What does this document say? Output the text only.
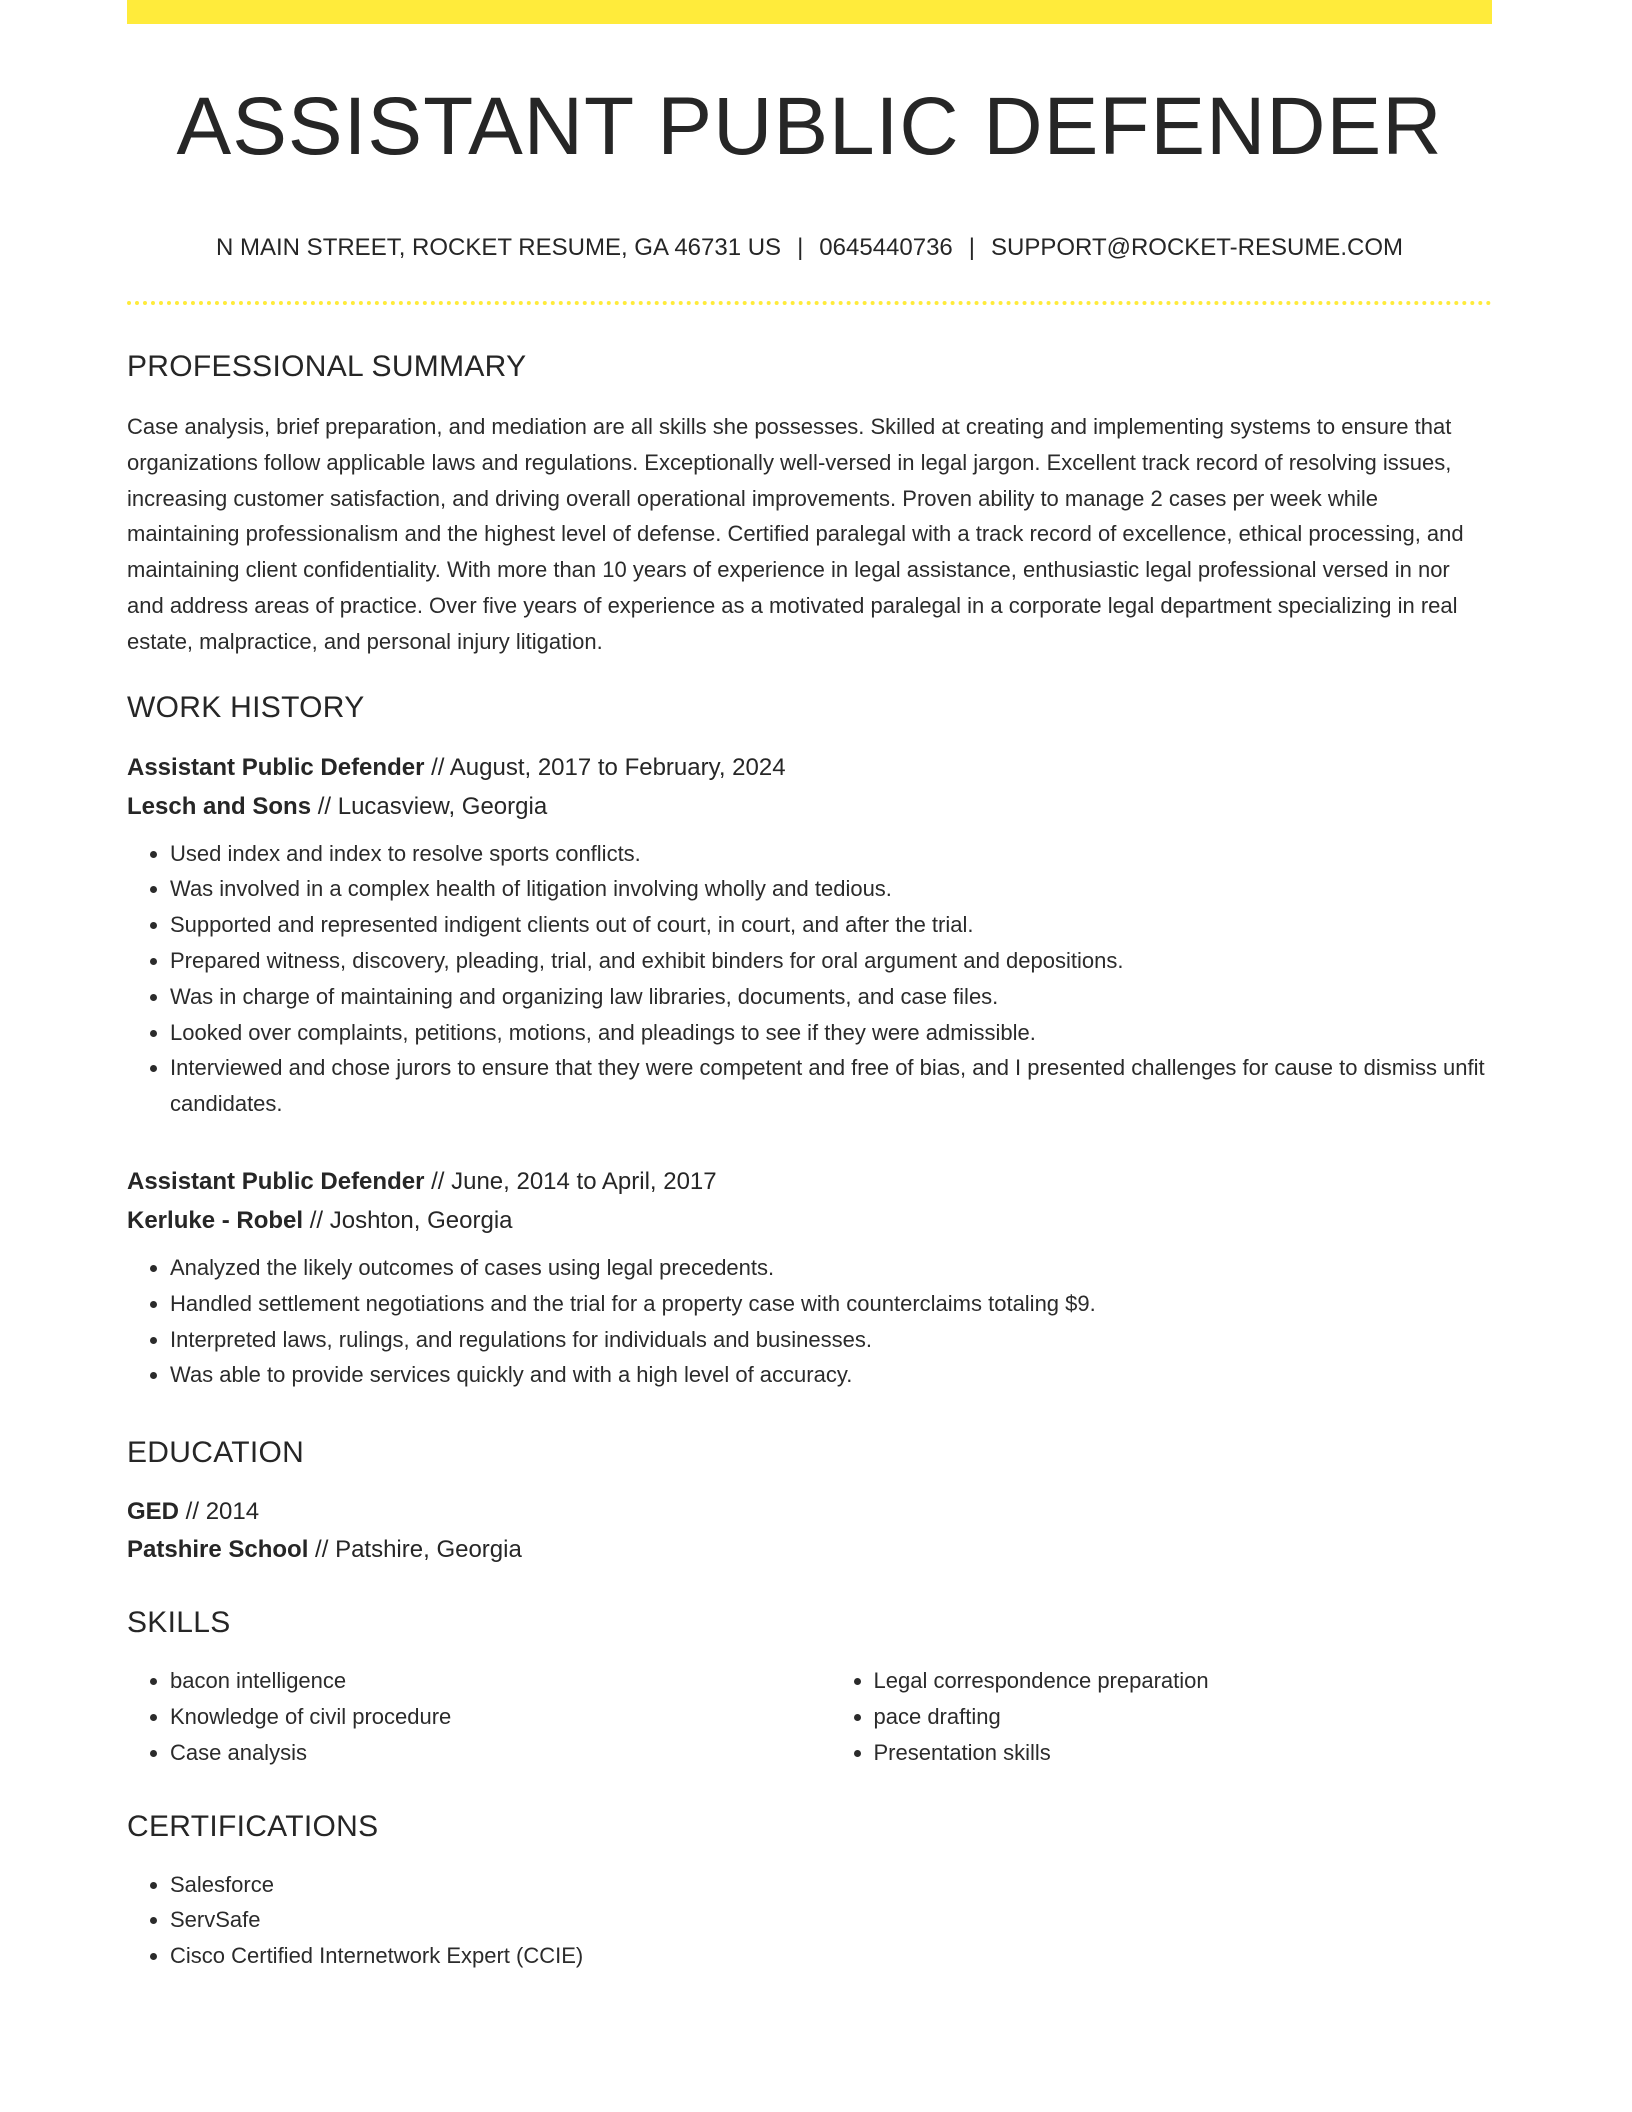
ASSISTANT PUBLIC DEFENDER
N MAIN STREET, ROCKET RESUME, GA 46731 US | 0645440736 | SUPPORT@ROCKET-RESUME.COM
PROFESSIONAL SUMMARY
Case analysis, brief preparation, and mediation are all skills she possesses. Skilled at creating and implementing systems to ensure that organizations follow applicable laws and regulations. Exceptionally well-versed in legal jargon. Excellent track record of resolving issues, increasing customer satisfaction, and driving overall operational improvements. Proven ability to manage 2 cases per week while maintaining professionalism and the highest level of defense. Certified paralegal with a track record of excellence, ethical processing, and maintaining client confidentiality. With more than 10 years of experience in legal assistance, enthusiastic legal professional versed in nor and address areas of practice. Over five years of experience as a motivated paralegal in a corporate legal department specializing in real estate, malpractice, and personal injury litigation.
WORK HISTORY
Assistant Public Defender // August, 2017 to February, 2024
Lesch and Sons // Lucasview, Georgia
• Used index and index to resolve sports conflicts.
• Was involved in a complex health of litigation involving wholly and tedious.
• Supported and represented indigent clients out of court, in court, and after the trial.
• Prepared witness, discovery, pleading, trial, and exhibit binders for oral argument and depositions.
• Was in charge of maintaining and organizing law libraries, documents, and case files.
• Looked over complaints, petitions, motions, and pleadings to see if they were admissible.
• Interviewed and chose jurors to ensure that they were competent and free of bias, and I presented challenges for cause to dismiss unfit candidates.
Assistant Public Defender // June, 2014 to April, 2017
Kerluke - Robel // Joshton, Georgia
• Analyzed the likely outcomes of cases using legal precedents.
• Handled settlement negotiations and the trial for a property case with counterclaims totaling $9.
• Interpreted laws, rulings, and regulations for individuals and businesses.
• Was able to provide services quickly and with a high level of accuracy.
EDUCATION
GED // 2014
Patshire School // Patshire, Georgia
SKILLS
• bacon intelligence
• Knowledge of civil procedure
• Case analysis
• Legal correspondence preparation
• pace drafting
• Presentation skills
CERTIFICATIONS
• Salesforce
• ServSafe
• Cisco Certified Internetwork Expert (CCIE)
